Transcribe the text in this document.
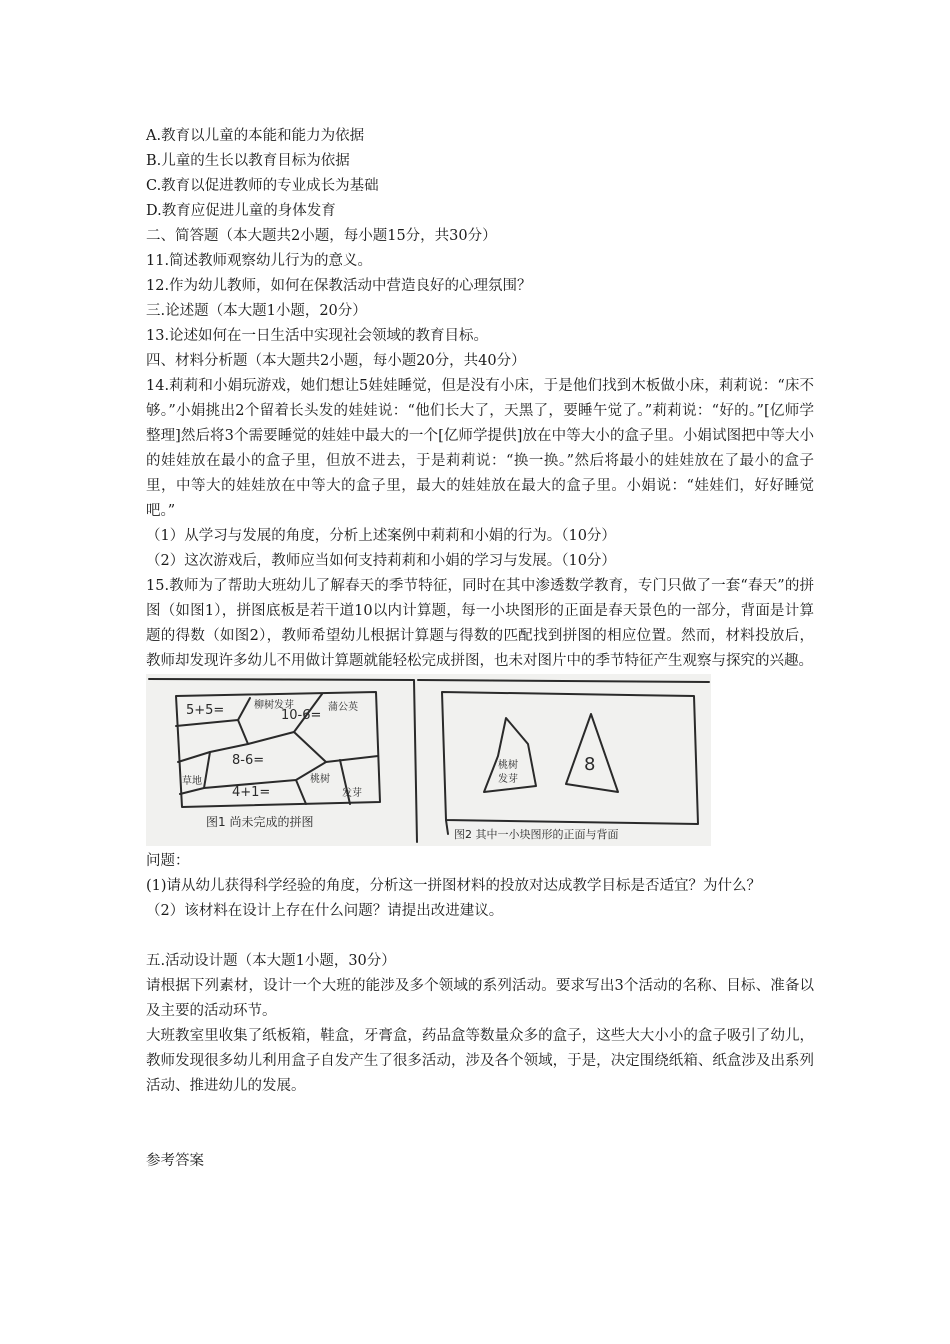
A.教育以儿童的本能和能力为依据
B.儿童的生长以教育目标为依据
C.教育以促进教师的专业成长为基础
D.教育应促进儿童的身体发育
二、简答题（本大题共2小题，每小题15分，共30分）
11.简述教师观察幼儿行为的意义。
12.作为幼儿教师，如何在保教活动中营造良好的心理氛围？
三.论述题（本大题1小题，20分）
13.论述如何在一日生活中实现社会领域的教育目标。
四、材料分析题（本大题共2小题，每小题20分，共40分）
14.莉莉和小娟玩游戏，她们想让5娃娃睡觉，但是没有小床，于是他们找到木板做小床，莉莉说：“床不够。”小娟挑出2个留着长头发的娃娃说：“他们长大了，天黑了，要睡午觉了。”莉莉说：“好的。”[亿师学整理]然后将3个需要睡觉的娃娃中最大的一个[亿师学提供]放在中等大小的盒子里。小娟试图把中等大小的娃娃放在最小的盒子里，但放不进去，于是莉莉说：“换一换。”然后将最小的娃娃放在了最小的盒子里，中等大的娃娃放在中等大的盒子里，最大的娃娃放在最大的盒子里。小娟说：“娃娃们，好好睡觉吧。”
（1）从学习与发展的角度，分析上述案例中莉莉和小娟的行为。（10分）
（2）这次游戏后，教师应当如何支持莉莉和小娟的学习与发展。（10分）
15.教师为了帮助大班幼儿了解春天的季节特征，同时在其中渗透数学教育，专门只做了一套“春天”的拼图（如图1），拼图底板是若干道10以内计算题，每一小块图形的正面是春天景色的一部分，背面是计算题的得数（如图2），教师希望幼儿根据计算题与得数的匹配找到拼图的相应位置。然而，材料投放后，教师却发现许多幼儿不用做计算题就能轻松完成拼图，也未对图片中的季节特征产生观察与探究的兴趣。
5+5=	柳树发芽
10-6=
蒲公英
8-6=
草地
4+1=
桃树
发芽
图1 尚未完成的拼图
桃树
发芽
8
图2 其中一小块图形的正面与背面
问题：
(1)请从幼儿获得科学经验的角度，分析这一拼图材料的投放对达成教学目标是否适宜？为什么？
（2）该材料在设计上存在什么问题？请提出改进建议。
五.活动设计题（本大题1小题，30分）
请根据下列素材，设计一个大班的能涉及多个领域的系列活动。要求写出3个活动的名称、目标、准备以及主要的活动环节。
大班教室里收集了纸板箱，鞋盒，牙膏盒，药品盒等数量众多的盒子，这些大大小小的盒子吸引了幼儿，教师发现很多幼儿利用盒子自发产生了很多活动，涉及各个领域，于是，决定围绕纸箱、纸盒涉及出系列活动、推进幼儿的发展。
参考答案
